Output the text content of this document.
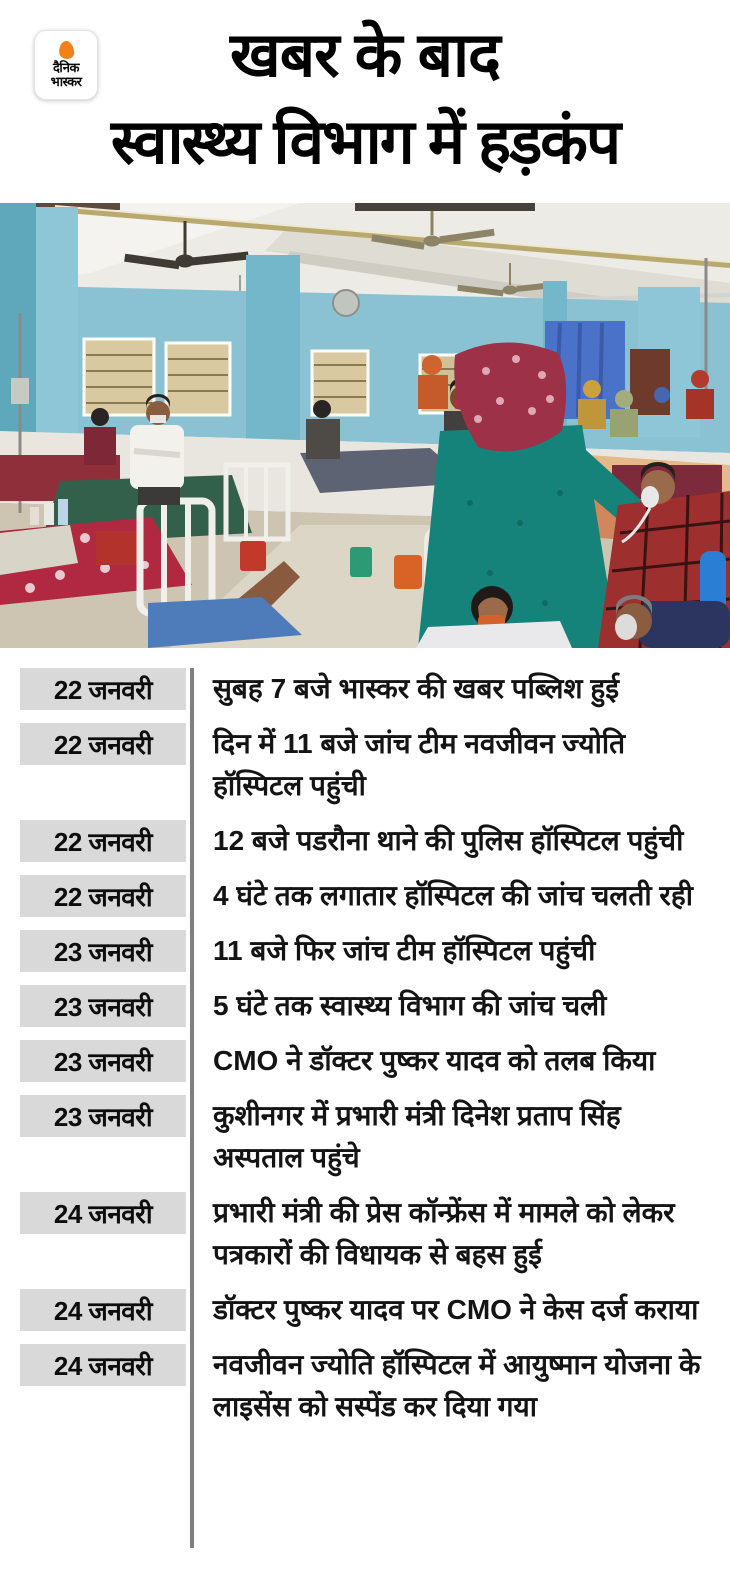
दैनिक
भास्कर	खबर के बाद
स्वास्थ्य विभाग में हड़कंप
22 जनवरी	सुबह 7 बजे भास्कर की खबर पब्लिश हुई
22 जनवरी	दिन में 11 बजे जांच टीम नवजीवन ज्योति हॉस्पिटल पहुंची
22 जनवरी	12 बजे पडरौना थाने की पुलिस हॉस्पिटल पहुंची
22 जनवरी	4 घंटे तक लगातार हॉस्पिटल की जांच चलती रही
23 जनवरी	11 बजे फिर जांच टीम हॉस्पिटल पहुंची
23 जनवरी	5 घंटे तक स्वास्थ्य विभाग की जांच चली
23 जनवरी	CMO ने डॉक्टर पुष्कर यादव को तलब किया
23 जनवरी	कुशीनगर में प्रभारी मंत्री दिनेश प्रताप सिंह अस्पताल पहुंचे
24 जनवरी	प्रभारी मंत्री की प्रेस कॉन्फ्रेंस में मामले को लेकर पत्रकारों की विधायक से बहस हुई
24 जनवरी	डॉक्टर पुष्कर यादव पर CMO ने केस दर्ज कराया
24 जनवरी	नवजीवन ज्योति हॉस्पिटल में आयुष्मान योजना के लाइसेंस को सस्पेंड कर दिया गया
